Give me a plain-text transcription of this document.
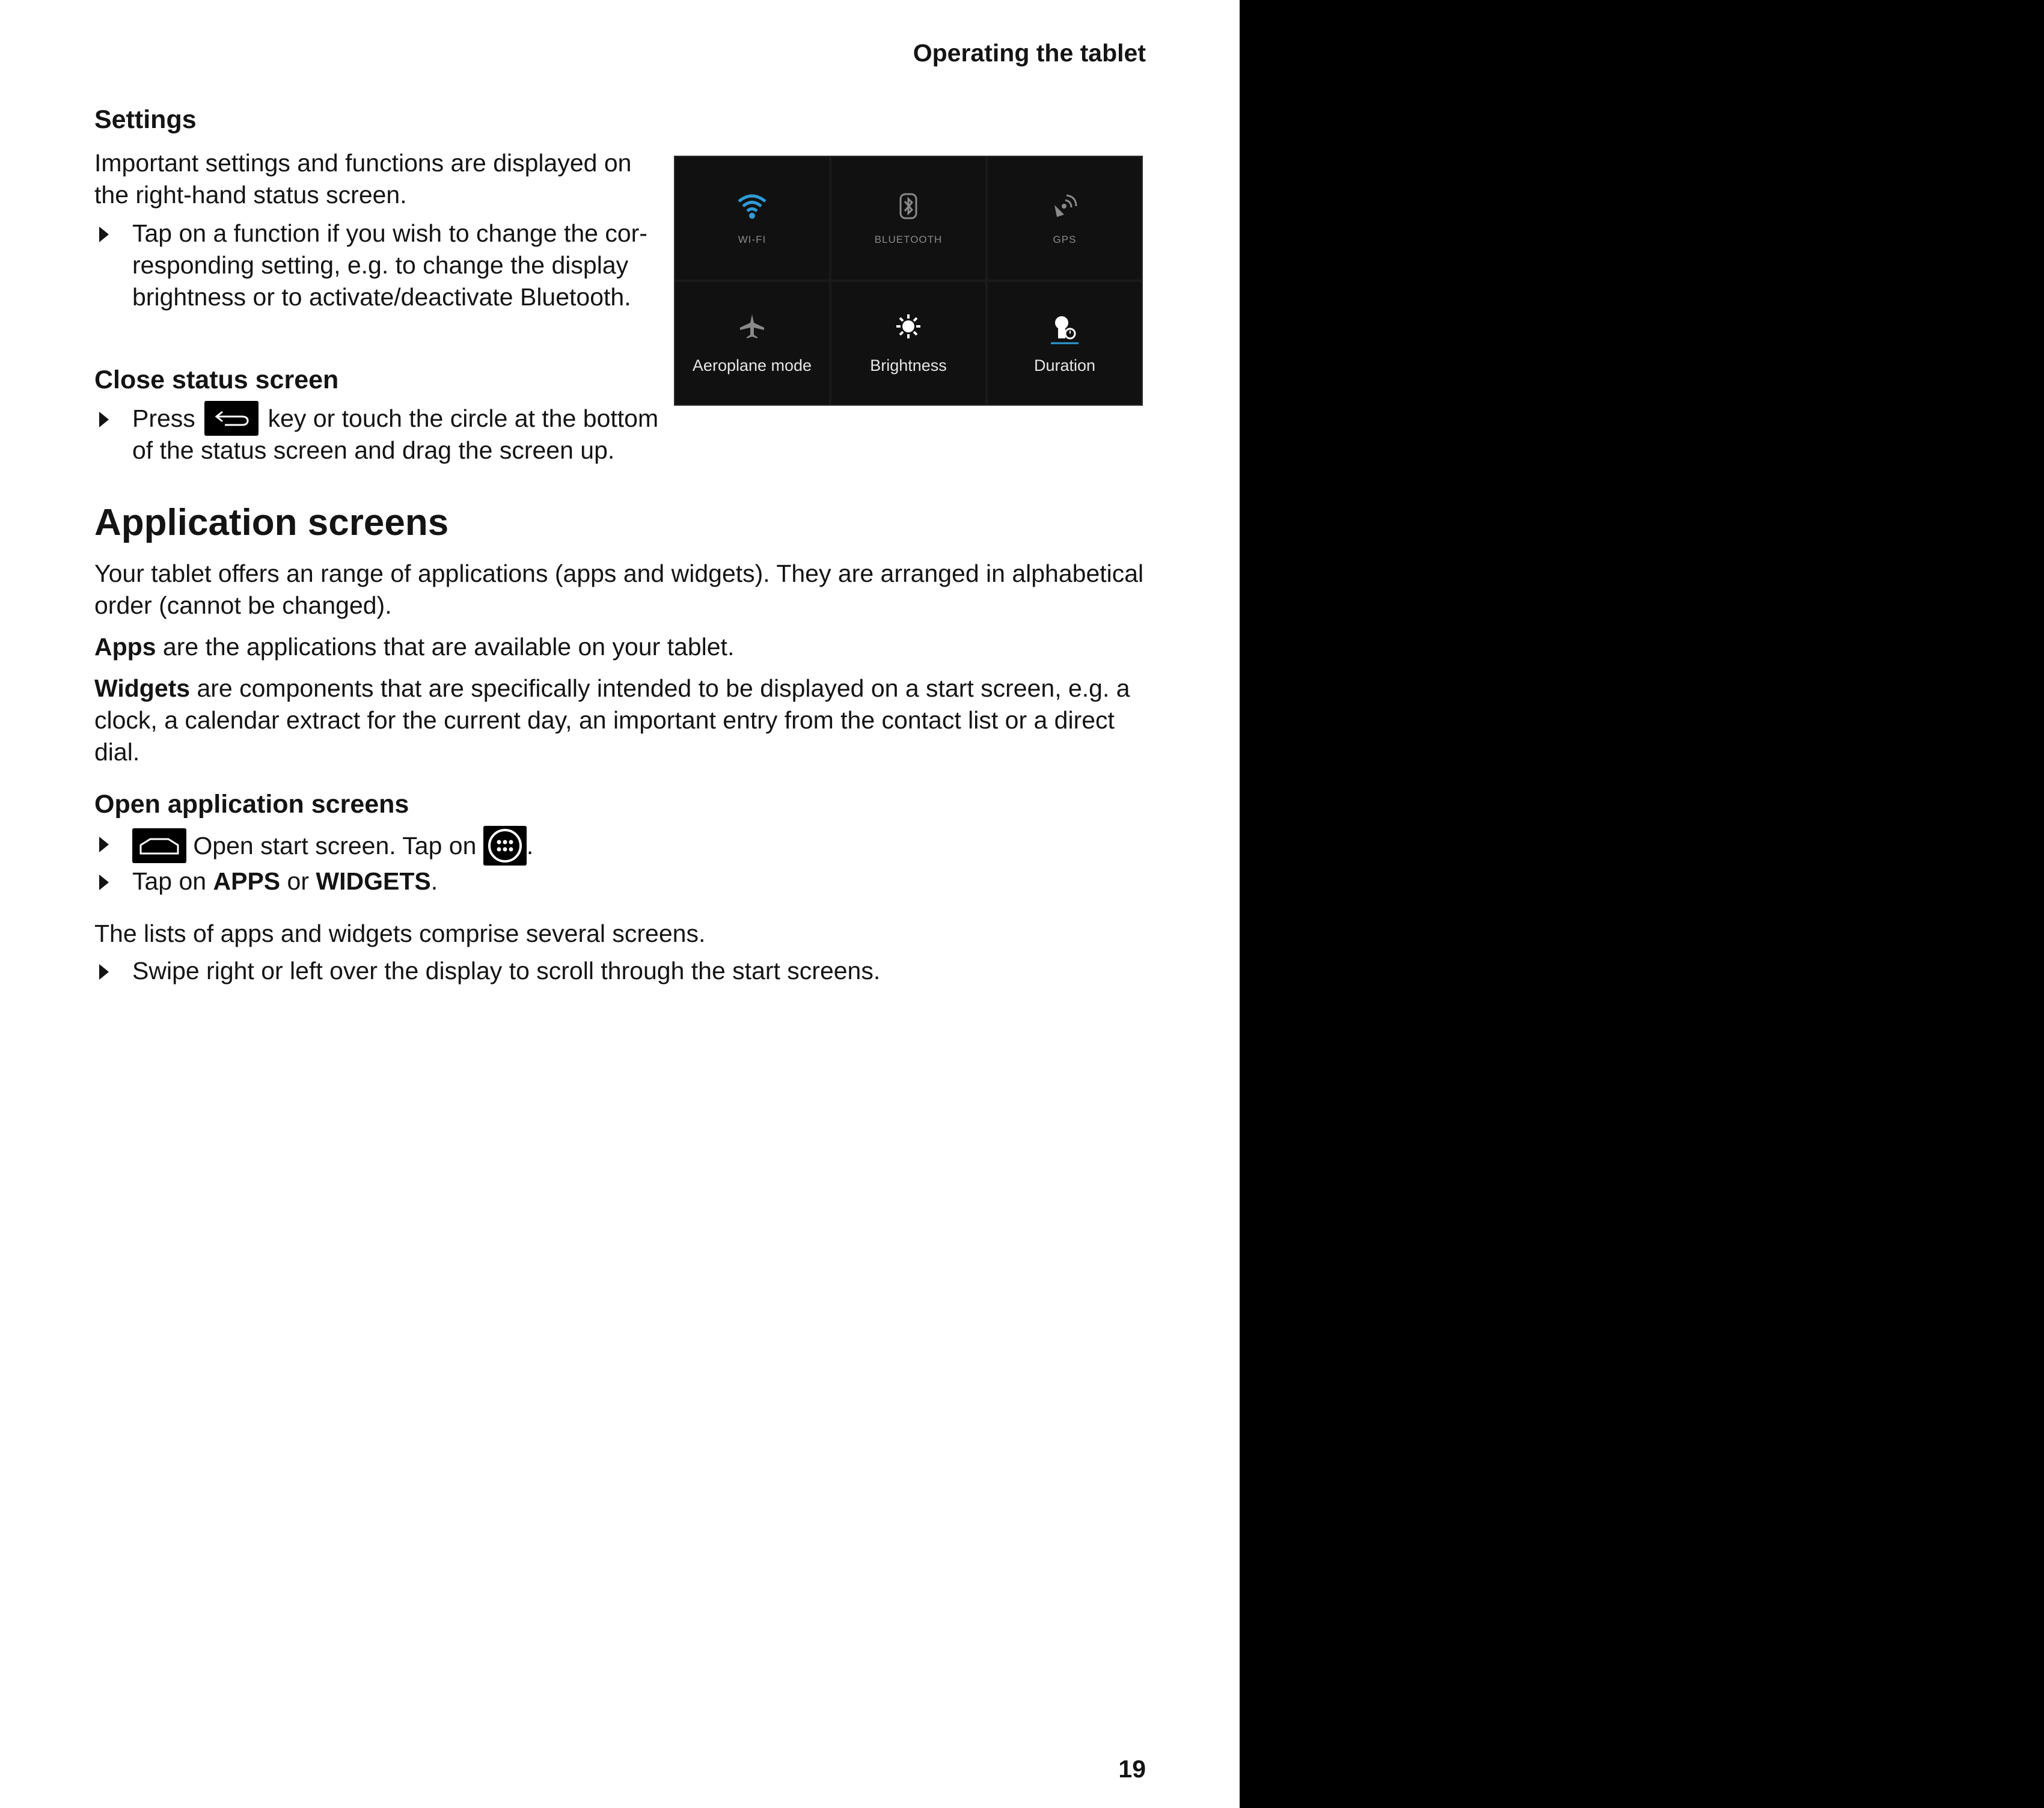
Operating the tablet
Settings
Important settings and functions are displayed on
the right-hand status screen.
Tap on a function if you wish to change the cor-
responding setting, e.g. to change the display
brightness or to activate/deactivate Bluetooth.
WI-FI	BLUETOOTH	GPS
Aeroplane mode	Brightness	Duration
Close status screen
Press	key or touch the circle at the bottom
of the status screen and drag the screen up.
Application screens
Your tablet offers an range of applications (apps and widgets). They are arranged in alphabetical
order (cannot be changed).
Apps are the applications that are available on your tablet.
Widgets are components that are specifically intended to be displayed on a start screen, e.g. a
clock, a calendar extract for the current day, an important entry from the contact list or a direct
dial.
Open application screens
Open start screen. Tap on
.
Tap on APPS or WIDGETS.
The lists of apps and widgets comprise several screens.
Swipe right or left over the display to scroll through the start screens.
19
